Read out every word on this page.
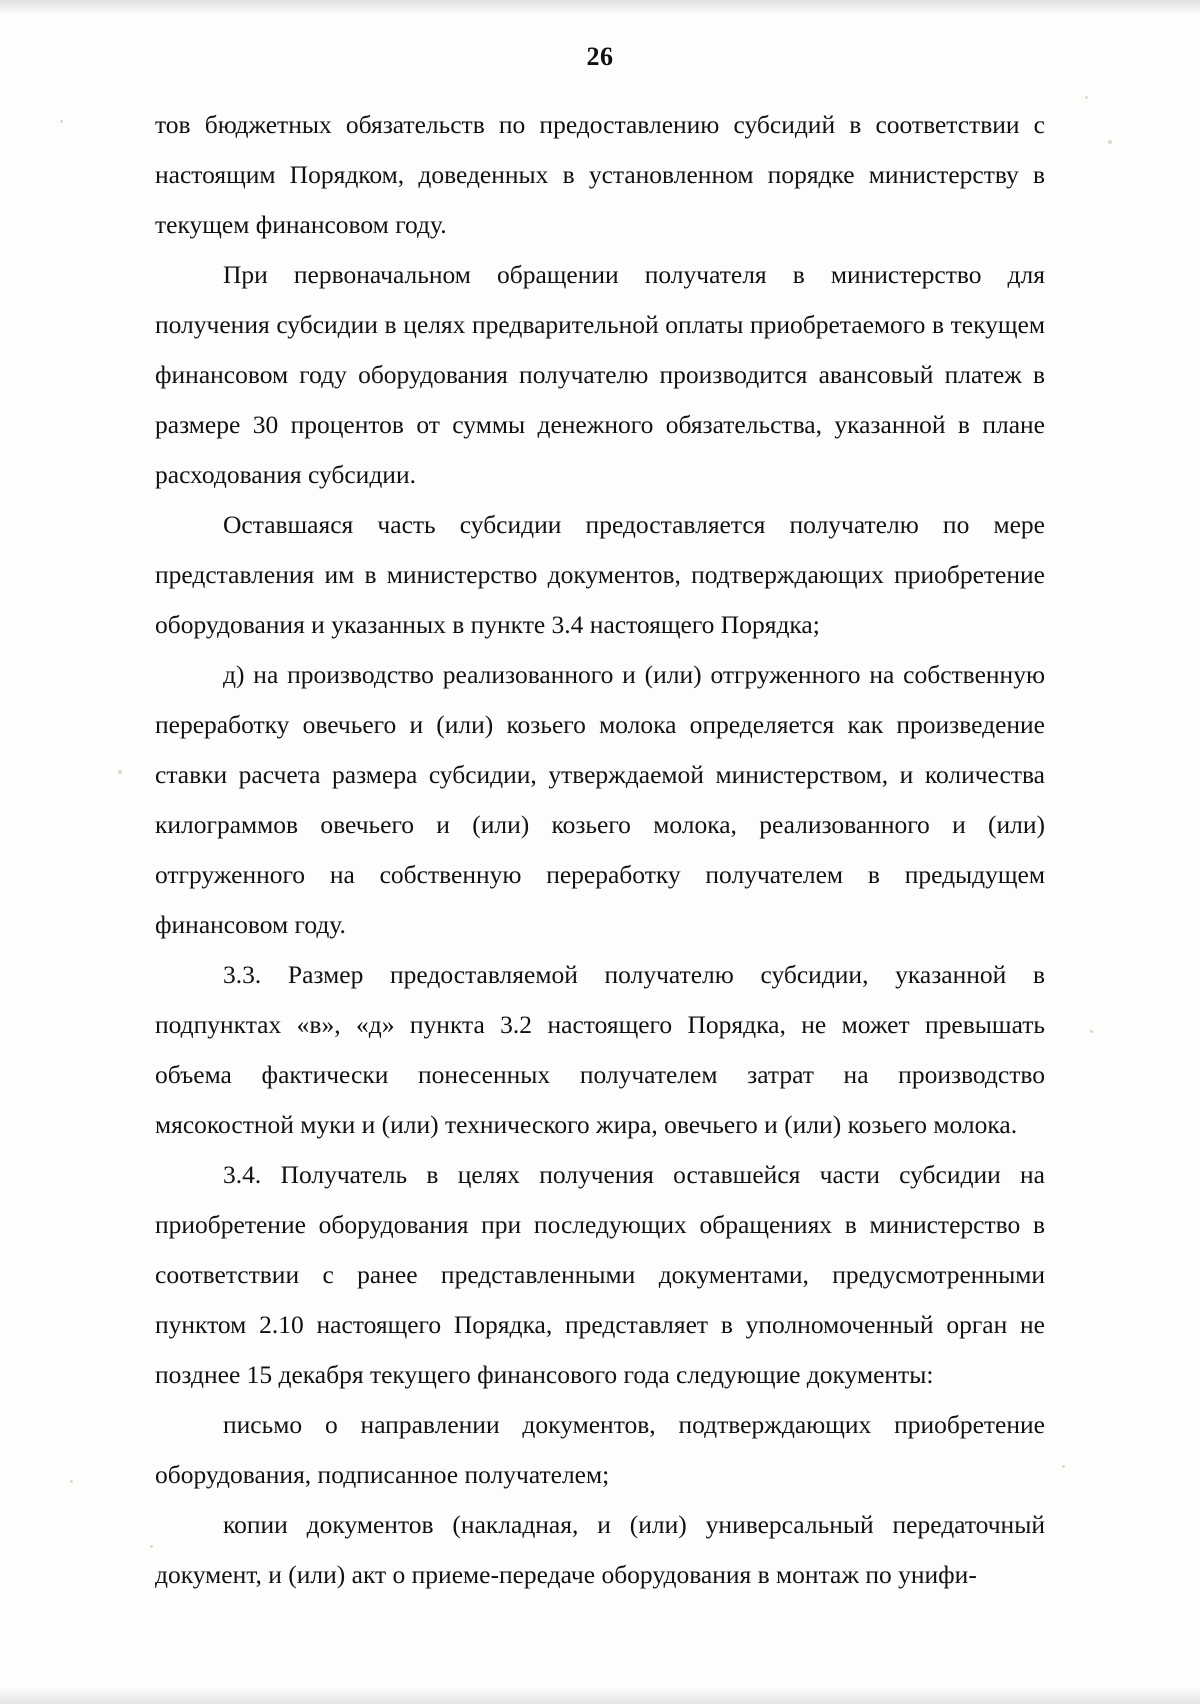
26

тов бюджетных обязательств по предоставлению субсидий в соответствии с настоящим Порядком, доведенных в установленном порядке министерству в текущем финансовом году.

При первоначальном обращении получателя в министерство для получения субсидии в целях предварительной оплаты приобретаемого в текущем финансовом году оборудования получателю производится авансовый платеж в размере 30 процентов от суммы денежного обязательства, указанной в плане расходования субсидии.

Оставшаяся часть субсидии предоставляется получателю по мере представления им в министерство документов, подтверждающих приобретение оборудования и указанных в пункте 3.4 настоящего Порядка;

д) на производство реализованного и (или) отгруженного на собственную переработку овечьего и (или) козьего молока определяется как произведение ставки расчета размера субсидии, утверждаемой министерством, и количества килограммов овечьего и (или) козьего молока, реализованного и (или) отгруженного на собственную переработку получателем в предыдущем финансовом году.

3.3. Размер предоставляемой получателю субсидии, указанной в подпунктах «в», «д» пункта 3.2 настоящего Порядка, не может превышать объема фактически понесенных получателем затрат на производство мясокостной муки и (или) технического жира, овечьего и (или) козьего молока.

3.4. Получатель в целях получения оставшейся части субсидии на приобретение оборудования при последующих обращениях в министерство в соответствии с ранее представленными документами, предусмотренными пунктом 2.10 настоящего Порядка, представляет в уполномоченный орган не позднее 15 декабря текущего финансового года следующие документы:

письмо о направлении документов, подтверждающих приобретение оборудования, подписанное получателем;

копии документов (накладная, и (или) универсальный передаточный документ, и (или) акт о приеме-передаче оборудования в монтаж по унифи-
